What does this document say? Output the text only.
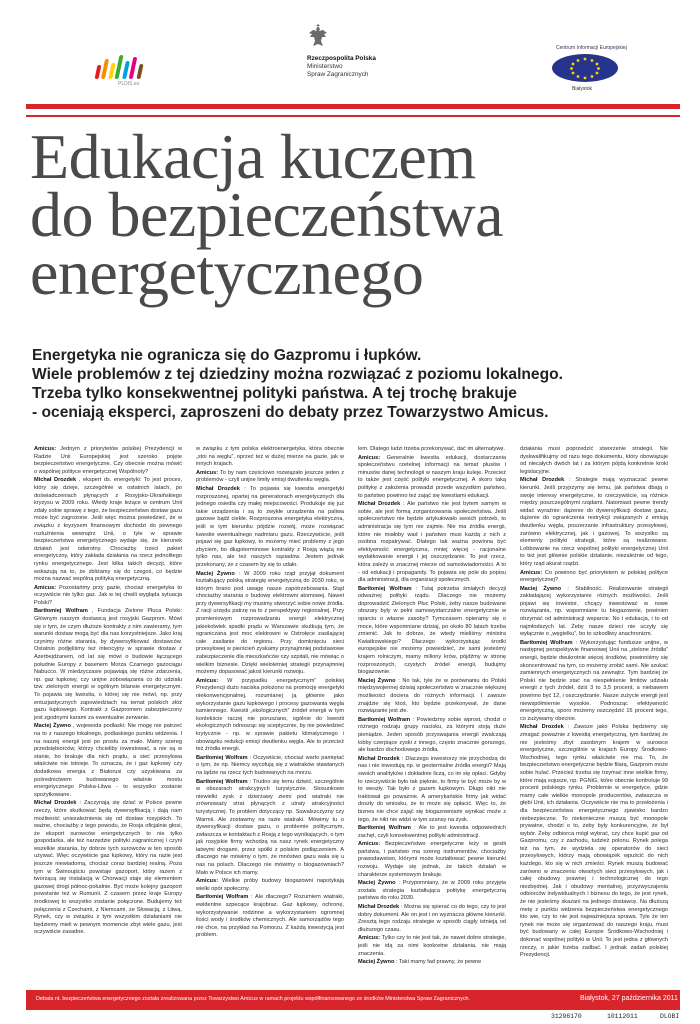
PLDIS.eu
Rzeczpospolita Polska
Ministerstwo
Spraw Zagranicznych
Centrum Informacji Europejskiej
Białystok
Edukacja kuczem
do bezpieczeństwa
energetycznego
Energetyka nie ogranicza się do Gazpromu i łupków.
Wiele problemów z tej dziedziny można rozwiązać z poziomu lokalnego.
Trzeba tylko konsekwentnej polityki państwa. A tej trochę brakuje
- oceniają eksperci, zaproszeni do debaty przez Towarzystwo Amicus.

Amicus: Jednym z priorytetów polskiej Prezydencji w Radzie Unii Europejskiej jest szeroko pojęte bezpieczeństwo energetyczne. Czy obecnie można mówić o wspólnej polityce energetycznej Wspólnoty?

Michał Drozdek , ekspert ds. energetyki: To jest proces, który się dzieje, szczególnie w ostatnich latach, po doświadczeniach płynących z Rosyjsko-Ukraińskiego kryzysu w 2009 roku. Wtedy kraje leżące w centrum Unii zdały sobie sprawę z tego, że bezpieczeństwo dostaw gazu może być zagrożone. Jeśli więc można powiedzieć, że w związku z kryzysem finansowym dochodzi do pewnego rozluźnienia wewnątrz Unii, o tyle w sprawie bezpieczeństwa energetycznego wydaje się, że kierunek działań jest odwrotny. Chociażby trzeci pakiet energetyczny, który zakłada działania na rzecz jednolitego rynku energetycznego. Jest kilka takich decyzji, które wskazują na to, że zbliżamy się do czegoś, co będzie można nazwać wspólną polityką energetyczną.

Amicus: Pozostańmy przy gazie, chociaż energetyka to oczywiście nie tylko gaz. Jak w tej chwili wygląda sytuacja Polski?

Bartłomiej Wolfram , Fundacja Zielone Płuca Polski: Głównym naszym dostawcą jest rosyjski Gazprom. Mówi się o tym, że czym dłuższe kontrakty z nim zawieramy, tym warunki dostaw mogą być dla nas korzystniejsze. Jako kraj czynimy różne starania, by dywersyfikować dostawców. Ostatnio podjęliśmy też intencyjny w sprawie dostaw z Azerbejdżanem, od lat się mówi o budowie łączącego południe Europy z basenem Morza Czarnego gazociągu Nabucco. W miedzyczasie pojawiają się różne zdarzenia, np. gaz łupkowy, czy unijne zobowiązania co do udziału tzw. zielonych energii w ogólnym bilansie energetycznym. To pojawia się kwestia, o której się nie mówi, np. przy entuzjastycznych zapowiedziach na temat polskich złóż gazu łupkowego. Kontrakt z Gazpromem zabezpieczony jest zgodnymi karami za ewentualne zerwanie.

Maciej Żywno , wojewoda podlaski: Nie mogę nie patrzeć na to z naszego lokalnego, podlaskiego punktu widzenia. I na naszej energii jest po prostu za mało. Mamy szereg przedsiębiorców, którzy chcieliby inwestować, a nie są w stanie, bo brakuje dla nich prądu, a sieć przesyłowa właściwie nie istnieje. To oznacza, że i gaz łupkowy czy dodatkowa energia z Białorusi czy uzyskiwana za pośrednictwem budowanego właśnie mostu energetycznego Polska-Litwa - to wszystko zostanie spożytkowane.

Michał Drozdek : Zaczynają się dziać w Polsce pewne rzeczy, które skutkować będą dywersyfikacją i dają nam możliwość uniezależnienia się od dostaw rosyjskich. To ważne, chociażby z tego powodu, że Rosja oficjalnie głosi, że eksport surowców energetycznych to nie tylko gospodarka, ale też narzędzie polityki zagranicznej i czyni wszelkie starania, by dobrze tych surowców w ten sposób używać. Więc oczywiście gaz łupkowy, który na razie jest jeszcze niewiadomą, chociaż coraz bardziej realną. Poza tym w Świnoujściu powstaje gazoport, który razem z tworzącą się instalacją w Chorwacji staje się elementem gazowej drogi północ-południe. Być może kolejny gazoport powstanie też w Rumunii. Z czasem przez kraje Europy środkowej to wszystko zostanie połączone. Budujemy też połączenia z Czechami, z Niemcami, ze Słowacją, z Litwą. Rynek, czy w związku z tym wszystkim działaniami nie będziemy mieli w pewnym momencie zbyt wiele gazu, jest oczywiście zasadne.

w związku z tym polska elektroenergetyka, która obecnie „stoi na węglu”, oprzeć też w dużej mierze na gazie, jak w innych krajach.

Amicus: To by nam częściowo rozwiązało jeszcze jeden z problemów - czyli unijne limity emisji dwutlenku węgla.

Michał Drozdek : To pojawia się kwestia energetyki rozproszonej, opartej na generatorach energetycznych dla jednego osiedla czy małej miejscowości. Produkuje się już takie urządzenia i są to zwykłe urządzenia na paliwa gazowe bądź ciekłe. Rozproszona energetyka elektryczna, jeśli w tym kierunku pójdzie rozwój, może rozwiązać kwestie ewentualnego nadmiaru gazu. Rzeczywiście, jeśli pojawi się gaz łupkowy, to możemy mieć problemy z jego zbyciem, bo długoterminowe kontrakty z Rosją wiążą nie tylko nas, ale też naszych sąsiadów. Jestem jednak przekonany, że z czasem by się to udało.

Maciej Żywno : W 2009 roku rząd przyjął dokument kształtujący polską strategię energetyczną do 2030 roku, w którym brano pod uwagę nasze zapotrzebowania. Stąd chociażby starania o budowę elektrowni atomowej. Nawet przy dywersyfikacji my musimy stworzyć sobie nowe źródła. Z racji urzędu patrzę na to z perspektywy regionalnej. Przy promieniowym rozprowadzaniu energii elektrycznej jakiekolwiek spadki prądu w Warszawie skutkują tym, że ograniczana jest moc elektrowni w Ostrołęce zasilającej całe zasilanie do regionu. Przy domknięciu sieci przesyłowej w pierścień zyskamy przynajmniej podstawowe zabezpieczenie dla mieszkańców czy szpitali, nie mówiąc o wielkim biznesie. Dzięki wieloletniej strategii przynajmniej możemy dopasować jakoś kierunki rozwoju.

Amicus: W przypadku energetycznym” polskiej Prezydencji dużo naciska położono na promocję energetyki niekonwencjonalnej, rozumianej ją głównie jako wykorzystanie gazu łupkowego i procesy gazowania węgla kamiennego. Kwestii „ekologicznych” źródeł energii w tym kontekście raczej nie poruszano, ogólnie do kwestii ekologicznych odnosząc się sceptycznie, by nie powiedzieć krytycznie - np. w sprawie pakietu klimatycznego i obowiązku redukcji emisji dwutlenku węgla. Ale to przecież też źródła energii.

Bartłomiej Wolfram : Oczywiście, chociaż warto pamiętać o tym, że np. Niemcy wycofują się z wiatraków stawianych na lądzie na rzecz tych budowanych na morzu.

Bartłomiej Wolfram : Trudno się temu dziwić, szczególnie w obszarach atrakcyjnych turystycznie. Stosunkowo niewielki zysk z dzierżawy ziemi pod wiatraki nie zrównoważy strat płynących z utraty atrakcyjności turystycznej. To problem dotyczący np. Suwalszczyzny czy Warmii. Ale zostawmy na razie wiatraki. Mówimy tu o dywersyfikacji dostaw gazu, o problemie politycznym, zwłaszcza w kontaktach z Rosją z tego wynikających, o tym jak rosyjskie firmy wchodzą na nasz rynek energetyczny łatwymi drogami, przez spółki z polskim podłączeniem. A dlaczego nie mówimy o tym, że mnóstwo gazu wala się u nas na polach. Dlaczego nie mówimy o biogazowniach? Mało w Polsce ich mamy.

Amicus: Wielkie próby budowy biogazowni napotykają wielki opór społeczny.

Bartłomiej Wolfram : Ale dlaczego? Rozumiem wiatraki, ewidentne szpecące krajobraz. Gaz łupkowy, ochronę, wykorzystywanie rodzinne a wykorzystaniem ogromnej ilości wody i środków chemicznych. Ale samorządów tego nie chce, na przykład na Pomorzu. Z każdą inwestycją jest problem.

lem. Dlatego ludzi trzeba przekonywać, dać im alternatywę.

Amicus: Generalnie kwestia edukacji, dostarczania społeczeństwu rzetelnej informacji na temat plusów i minusów danej technologii w naszym kraju kuleje. Przecież to także jest część polityki energetycznej. A skoro taką politykę z założenia prowadzi przede wszystkim państwo, to państwo powinno też zająć się kwestiami edukacji.

Michał Drozdek : Ale państwo nie jest bytem samym w sobie, ale jest formą zorganizowania społeczeństwa. Jeśli społeczeństwo nie będzie artykułowało swoich potrzeb, to administracja się tym nie zajmie. Nie ma źródła energii, które nie miałoby wad i państwo musi każdą z nich z osobna rozpatrywać. Dlatego tak ważna powinna być efektywność energetyczna, mniej więcej - racjonalne wydatkowanie energii i jej oszczędzanie. To jest rzecz, która zależy w znacznej mierze od samoświadomości. A to - od edukacji i propagandy. To pojawia się pole do popisu dla administracji, dla organizacji społecznych.

Bartłomiej Wolfram : Tutaj potrzeba śmiałych decyzji odważnej polityki rządu. Dlaczego nie możemy doprowadzić Zielonych Płuc Polski, żeby nasze budowane obszary były w pełni samowystarczalne energetycznie w oparciu o własne zasoby? Tymczasem opieramy się o moce, które wspomniane dzisiaj, po około 80 latach trzeba zmienić. Jak to dobrze, że wtedy mieliśmy ministra Kwiatkowskiego? Dlaczego wykorzystując środki europejskie nie możemy powiedzieć, że sami jesteśmy krajem rolniczym, mamy miliony krów, pójdźmy w stronę rozproszonych, czystych źródeł energii, budujmy biogazownie.

Maciej Żywno : No tak, tyle że w porównaniu do Polski międzywojennej dzisiaj społeczeństwo w znacznie większej możliwości dociera do różnych informacji. I zawsze znajdzie się ktoś, kto będzie przekonywał, że dane rozwiązanie jest złe.

Bartłomiej Wolfram : Powiedzmy sobie wprost, chodzi o różnego rodzaju grupy nacisku, za którymi stoją duże pieniądze. Jeden sposób przyswajania energii zwalczają lobby czerpiące zyski z innego, często znacznie gorszego, ale bardzo dochodowego źródła.

Michał Drozdek : Dlaczego inwestorzy nie przychodzą do nas i nie inwestują np. w geotermalne źródła energii? Mają swoich analityków i dokładnie liczą, co im się opłaci. Gdyby to rzeczywiście było tak pięknie, to firmy te być może by w to weszły. Tak było z gazem łupkowym. Długo nikt nie traktował go poważnie. A amerykańskie firmy jak widać doszły do wniosku, że to może się opłacić. Więc to, że biznes nie chce zająć się biogazowniami wynikać może z tego, że nikt nie widzi w tym szansy na zysk.

Bartłomiej Wolfram : Ale to jest kwestia odpowiednich zachęt, czyli konsekwentnej polityki administracji.

Amicus: Bezpieczeństwo energetyczne leży w gestii państwa, i państwo ma szereg instrumentów, chociażby prawodawstwo, którymi może kształtować pewne kierunki rozwoju. Wydaje się jednak, że takich działań w charakterze systemowym brakuje.

Maciej Żywno : Przypomniany, że w 2009 roku przyjęta została strategia kształtująca politykę energetyczną państwa do roku 2030.

Michał Drozdek : Można się spierać co do tego, czy to jest dobry dokument. Ale on jest i on wyznacza główne kierunki. Zresztą tego rodzaju strategie w sposób ciągły istnieją od dłuższego czasu.

Amicus: Tylko czy to nie jest tak, że nawet dobre strategie, jeśli nie idą za nimi konkretne działania, nie mają znaczenia.

Maciej Żywno : Taki mamy fad prawny, że pewne

działania musi poprzedzić stworzenie strategii. Nie dyskwalifikujmy od razu tego dokumentu, który obowiązuje od niecałych dwóch lat i za którym pójdą konkretnie kroki legislacyjne.

Michał Drozdek : Strategie mają wyznaczać pewne kierunki. Jeśli przyjrzymy się temu, jak państwa dbają o swoje interesy energetyczne, to rzeczywiście, są różnice między poszczególnymi rządami. Natomiast pewne trendy widać wyraźnie: dążenie do dywersyfikacji dostaw gazu, dążenie do ograniczenia restrykcji związanych z emisją dwutlenku węgla, poszerzanie infrastruktury przesyłowej, zarówno elektrycznej, jak i gazowej. To wszystko są elementy polityki strategii, które są realizowane. Lobbowanie na rzecz wspólnej polityki energetycznej Unii to też jest głównie polskie działanie, niezależnie od tego, który rząd akurat rządzi.

Amicus: Co powinno być priorytetem w polskiej polityce energetycznej?

Maciej Żywno : Stabilność. Realizowanie strategii zakładającej wykorzystanie różnych możliwości. Jeśli pojawi się inwestor, chcący inwestować w nowe rozwiązania, np. wspomniane tu biogazownie, powinien otrzymać od administracji wsparcie. No i edukacja, i to od najmłodszych lat. Żeby nasze dzieci nie uczyły się wyłącznie o „węgielku”, bo to szkodliwy anachronizm.

Bartłomiej Wolfram : Wykorzystując fundusze unijne, w następnej perspektywie finansowej Unii na „zielone źródła” energii, będzie dwukrotnie więcej środków, powinniśmy się skoncentrować na tym, co możemy zrobić sami. Nie szukać zamiennych energetycznych na zewnątrz. Tym bardziej że Polski nie będzie stać na niespełnienie limitów udziału energii z tych źródeł, dziś 3 to 3,5 procent, a niebawem powinno być 12, i oszczędzanie. Nasze zużycie energii jest niewspółmiernie wysokie. Podnosząc efektywność energetyczną, sporo możemy oszczędzić 15 procent tego, co zużywamy obecnie.

Michał Drozdek : Zawsze jako Polska będziemy się zmagać poważnie z kwestią energetyczną, tym bardziej że nie jesteśmy zbyt zasobnym krajem w surowce energetyczne, szczególnie w krajach Europy Środkowo-Wschodniej, tego rynku właściwie nie ma. To, że bezpieczeństwo energetyczne będzie filarą, Gazprom może sobie hulać. Przecież trzeba się trzymać inne wielkie firmy, które mają sojusze, np. PGNiG, które obecnie kontroluje 99 procent polskiego rynku. Problemie w energetyce, gdzie mamy całe wielkie monopole producentów, zwłaszcza w głębi Unii, ich działania. Oczywiście nie ma to przełożenia i dla bezpieczeństwa energetycznego zjawisko bardzo niebezpieczne. To niekonieczne muszą być monopole prywatne, chodzi o to, żeby były konkurencyjne, że był wybór. Żeby odbiorca mógł wybrać, czy chce kupić gaz od Gazpromu, czy z zachodu, tudzież polonu. Rynek polega też na tym, że wydziela się operatorów do sieci przesyłowych, którzy mają obowiązek wpuścić do nich każdego, kto się w nich zmieści. Rynek muszą budować zarówno w znaczeniu otwartych sieci przesyłowych, jak i całej obudowy prawnej i technologicznej do tego niezbędnej. Jak i obudowy mentalnej, przyzwyczajenia odbiorców indywidualnych i biznesu do tego, że jest rynek, że nie jesteśmy skazani na jednego dostawcę. Na dłuższą metę z punktu widzenia bezpieczeństwa energetycznego kto wie, czy to nie jest najważniejsza sprawa. Tyle że ten rynek nie może się organizować do naszego kraju, musi być budowany w całej Europie Środkowo-Wschodniej i dokonać wspólnej polityki w Unii. To jest jedna z głównych rzeczy, o jakie trzeba zadbać. I jednak zadań polskiej Prezydencji.

Debata nt. bezpieczeństwa energetycznego została zrealizowana przez Towarzystwo Amicus w ramach projektu współfinansowanego ze środków Ministerstwa Spraw Zagranicznych.	Białystok, 27 października 2011 r.
31296170	10112011	DLOBI
